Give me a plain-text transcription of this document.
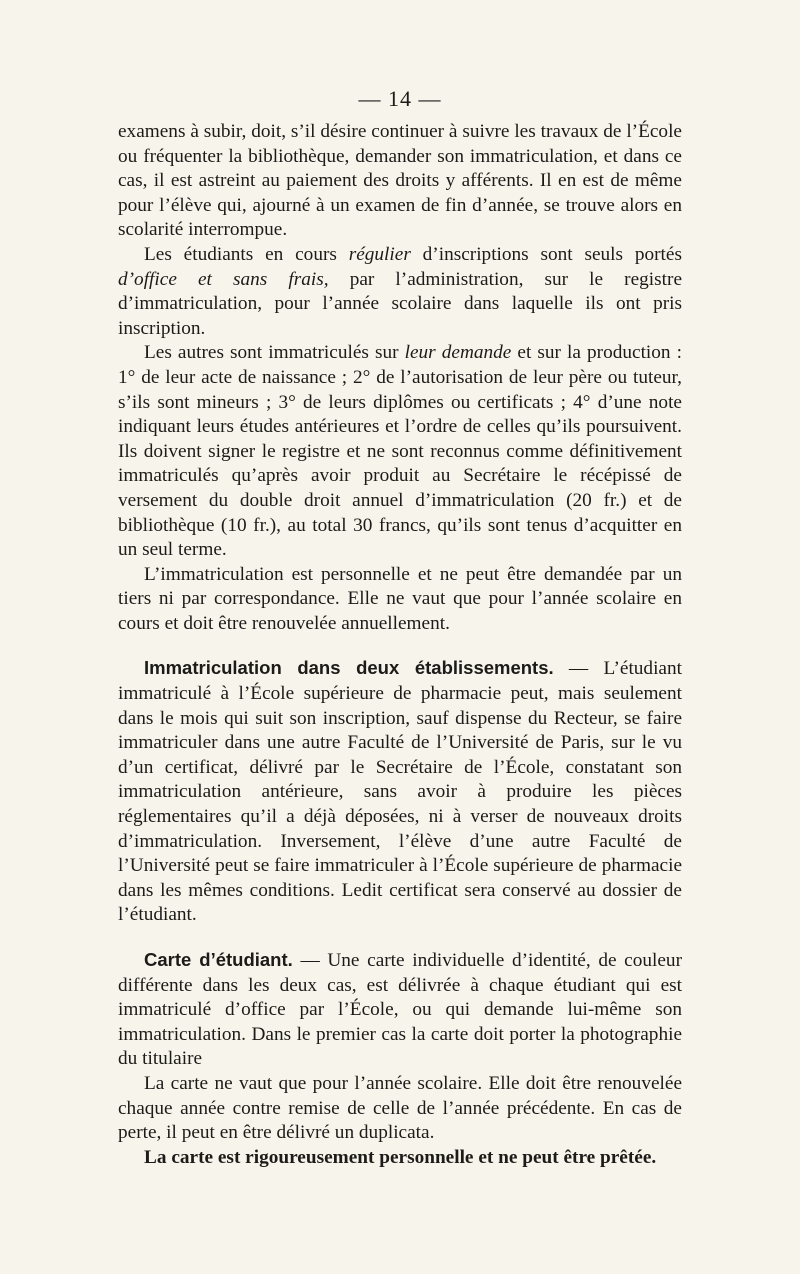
— 14 —

examens à subir, doit, s’il désire continuer à suivre les travaux de l’École ou fréquenter la bibliothèque, demander son immatriculation, et dans ce cas, il est astreint au paiement des droits y afférents. Il en est de même pour l’élève qui, ajourné à un examen de fin d’année, se trouve alors en scolarité interrompue.

Les étudiants en cours régulier d’inscriptions sont seuls portés d’office et sans frais, par l’administration, sur le registre d’immatriculation, pour l’année scolaire dans laquelle ils ont pris inscription.

Les autres sont immatriculés sur leur demande et sur la production : 1° de leur acte de naissance ; 2° de l’autorisation de leur père ou tuteur, s’ils sont mineurs ; 3° de leurs diplômes ou certificats ; 4° d’une note indiquant leurs études antérieures et l’ordre de celles qu’ils poursuivent. Ils doivent signer le registre et ne sont reconnus comme définitivement immatriculés qu’après avoir produit au Secrétaire le récépissé de versement du double droit annuel d’immatriculation (20 fr.) et de bibliothèque (10 fr.), au total 30 francs, qu’ils sont tenus d’acquitter en un seul terme.

L’immatriculation est personnelle et ne peut être demandée par un tiers ni par correspondance. Elle ne vaut que pour l’année scolaire en cours et doit être renouvelée annuellement.

Immatriculation dans deux établissements. — L’étudiant immatriculé à l’École supérieure de pharmacie peut, mais seulement dans le mois qui suit son inscription, sauf dispense du Recteur, se faire immatriculer dans une autre Faculté de l’Université de Paris, sur le vu d’un certificat, délivré par le Secrétaire de l’École, constatant son immatriculation antérieure, sans avoir à produire les pièces réglementaires qu’il a déjà déposées, ni à verser de nouveaux droits d’immatriculation. Inversement, l’élève d’une autre Faculté de l’Université peut se faire immatriculer à l’École supérieure de pharmacie dans les mêmes conditions. Ledit certificat sera conservé au dossier de l’étudiant.

Carte d’étudiant. — Une carte individuelle d’identité, de couleur différente dans les deux cas, est délivrée à chaque étudiant qui est immatriculé d’office par l’École, ou qui demande lui-même son immatriculation. Dans le premier cas la carte doit porter la photographie du titulaire

La carte ne vaut que pour l’année scolaire. Elle doit être renouvelée chaque année contre remise de celle de l’année précédente. En cas de perte, il peut en être délivré un duplicata.

La carte est rigoureusement personnelle et ne peut être prêtée.
